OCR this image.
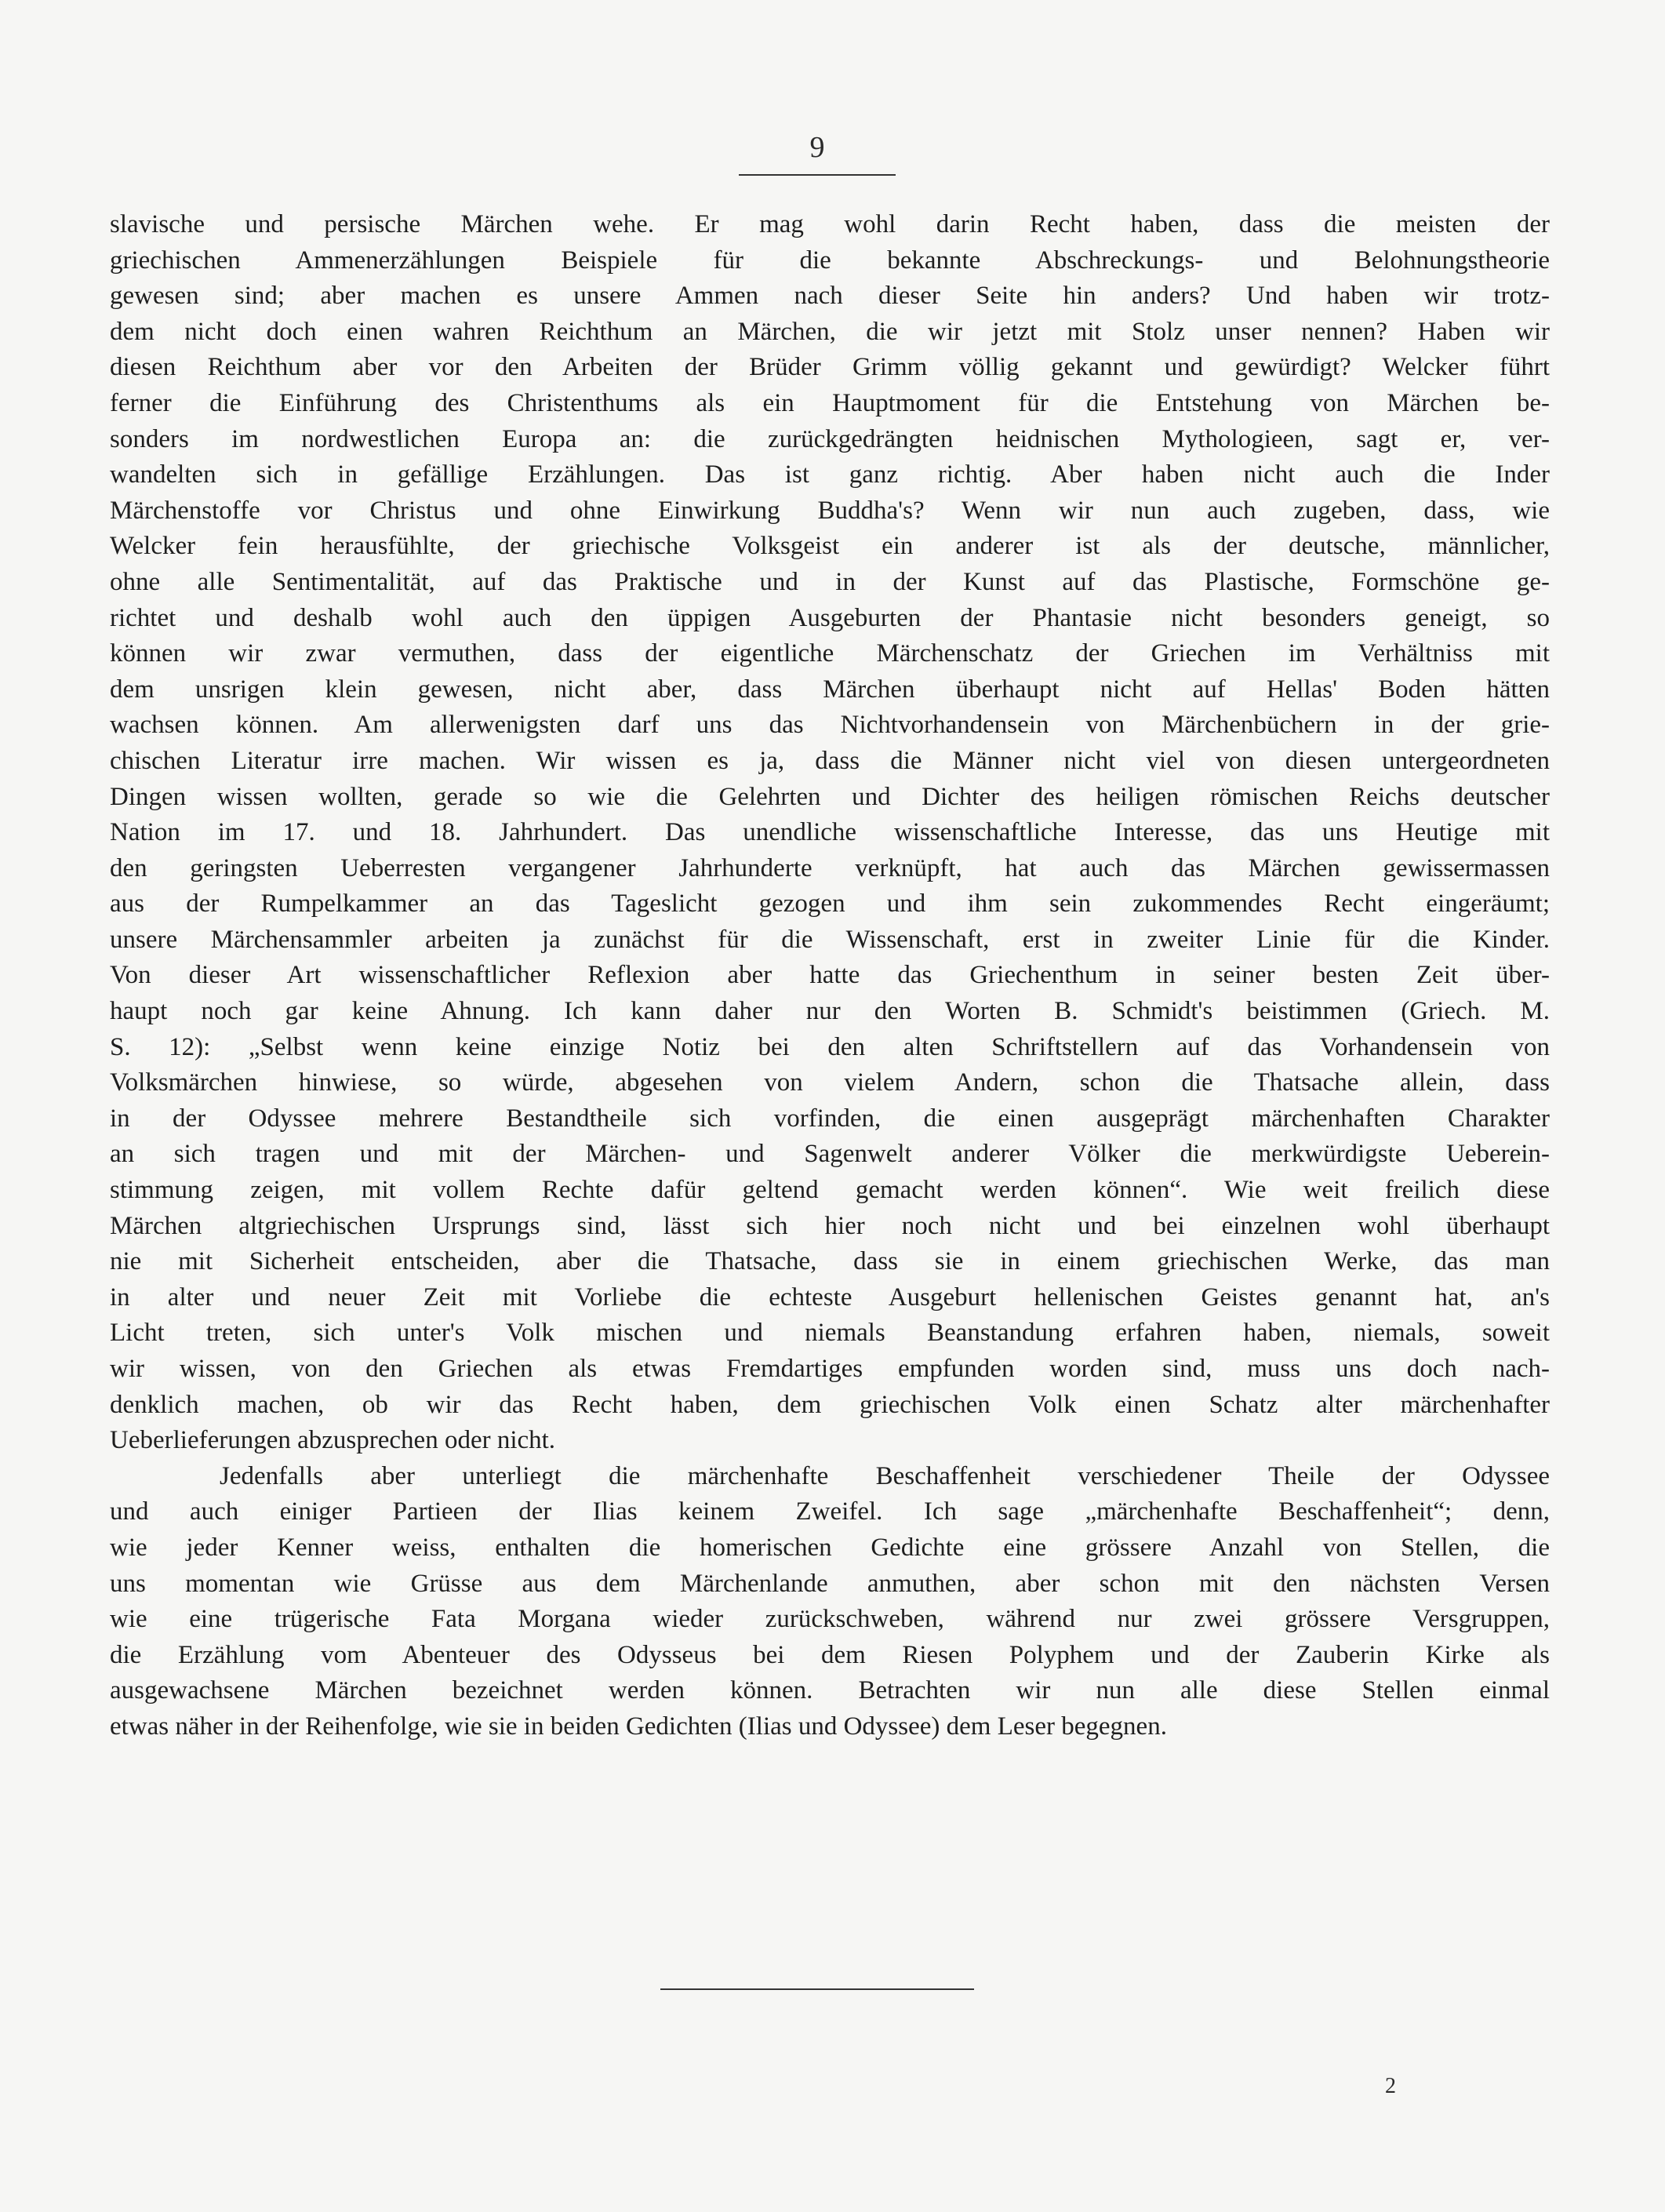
9
slavische und persische Märchen wehe. Er mag wohl darin Recht haben, dass die meisten der
griechischen Ammenerzählungen Beispiele für die bekannte Abschreckungs- und Belohnungstheorie
gewesen sind; aber machen es unsere Ammen nach dieser Seite hin anders? Und haben wir trotz-
dem nicht doch einen wahren Reichthum an Märchen, die wir jetzt mit Stolz unser nennen? Haben wir
diesen Reichthum aber vor den Arbeiten der Brüder Grimm völlig gekannt und gewürdigt? Welcker führt
ferner die Einführung des Christenthums als ein Hauptmoment für die Entstehung von Märchen be-
sonders im nordwestlichen Europa an: die zurückgedrängten heidnischen Mythologieen, sagt er, ver-
wandelten sich in gefällige Erzählungen. Das ist ganz richtig. Aber haben nicht auch die Inder
Märchenstoffe vor Christus und ohne Einwirkung Buddha's? Wenn wir nun auch zugeben, dass, wie
Welcker fein herausfühlte, der griechische Volksgeist ein anderer ist als der deutsche, männlicher,
ohne alle Sentimentalität, auf das Praktische und in der Kunst auf das Plastische, Formschöne ge-
richtet und deshalb wohl auch den üppigen Ausgeburten der Phantasie nicht besonders geneigt, so
können wir zwar vermuthen, dass der eigentliche Märchenschatz der Griechen im Verhältniss mit
dem unsrigen klein gewesen, nicht aber, dass Märchen überhaupt nicht auf Hellas' Boden hätten
wachsen können. Am allerwenigsten darf uns das Nichtvorhandensein von Märchenbüchern in der grie-
chischen Literatur irre machen. Wir wissen es ja, dass die Männer nicht viel von diesen untergeordneten
Dingen wissen wollten, gerade so wie die Gelehrten und Dichter des heiligen römischen Reichs deutscher
Nation im 17. und 18. Jahrhundert. Das unendliche wissenschaftliche Interesse, das uns Heutige mit
den geringsten Ueberresten vergangener Jahrhunderte verknüpft, hat auch das Märchen gewissermassen
aus der Rumpelkammer an das Tageslicht gezogen und ihm sein zukommendes Recht eingeräumt;
unsere Märchensammler arbeiten ja zunächst für die Wissenschaft, erst in zweiter Linie für die Kinder.
Von dieser Art wissenschaftlicher Reflexion aber hatte das Griechenthum in seiner besten Zeit über-
haupt noch gar keine Ahnung. Ich kann daher nur den Worten B. Schmidt's beistimmen (Griech. M.
S. 12): „Selbst wenn keine einzige Notiz bei den alten Schriftstellern auf das Vorhandensein von
Volksmärchen hinwiese, so würde, abgesehen von vielem Andern, schon die Thatsache allein, dass
in der Odyssee mehrere Bestandtheile sich vorfinden, die einen ausgeprägt märchenhaften Charakter
an sich tragen und mit der Märchen- und Sagenwelt anderer Völker die merkwürdigste Ueberein-
stimmung zeigen, mit vollem Rechte dafür geltend gemacht werden können“. Wie weit freilich diese
Märchen altgriechischen Ursprungs sind, lässt sich hier noch nicht und bei einzelnen wohl überhaupt
nie mit Sicherheit entscheiden, aber die Thatsache, dass sie in einem griechischen Werke, das man
in alter und neuer Zeit mit Vorliebe die echteste Ausgeburt hellenischen Geistes genannt hat, an's
Licht treten, sich unter's Volk mischen und niemals Beanstandung erfahren haben, niemals, soweit
wir wissen, von den Griechen als etwas Fremdartiges empfunden worden sind, muss uns doch nach-
denklich machen, ob wir das Recht haben, dem griechischen Volk einen Schatz alter märchenhafter
Ueberlieferungen abzusprechen oder nicht.
Jedenfalls aber unterliegt die märchenhafte Beschaffenheit verschiedener Theile der Odyssee
und auch einiger Partieen der Ilias keinem Zweifel. Ich sage „märchenhafte Beschaffenheit“; denn,
wie jeder Kenner weiss, enthalten die homerischen Gedichte eine grössere Anzahl von Stellen, die
uns momentan wie Grüsse aus dem Märchenlande anmuthen, aber schon mit den nächsten Versen
wie eine trügerische Fata Morgana wieder zurückschweben, während nur zwei grössere Versgruppen,
die Erzählung vom Abenteuer des Odysseus bei dem Riesen Polyphem und der Zauberin Kirke als
ausgewachsene Märchen bezeichnet werden können. Betrachten wir nun alle diese Stellen einmal
etwas näher in der Reihenfolge, wie sie in beiden Gedichten (Ilias und Odyssee) dem Leser begegnen.
2
